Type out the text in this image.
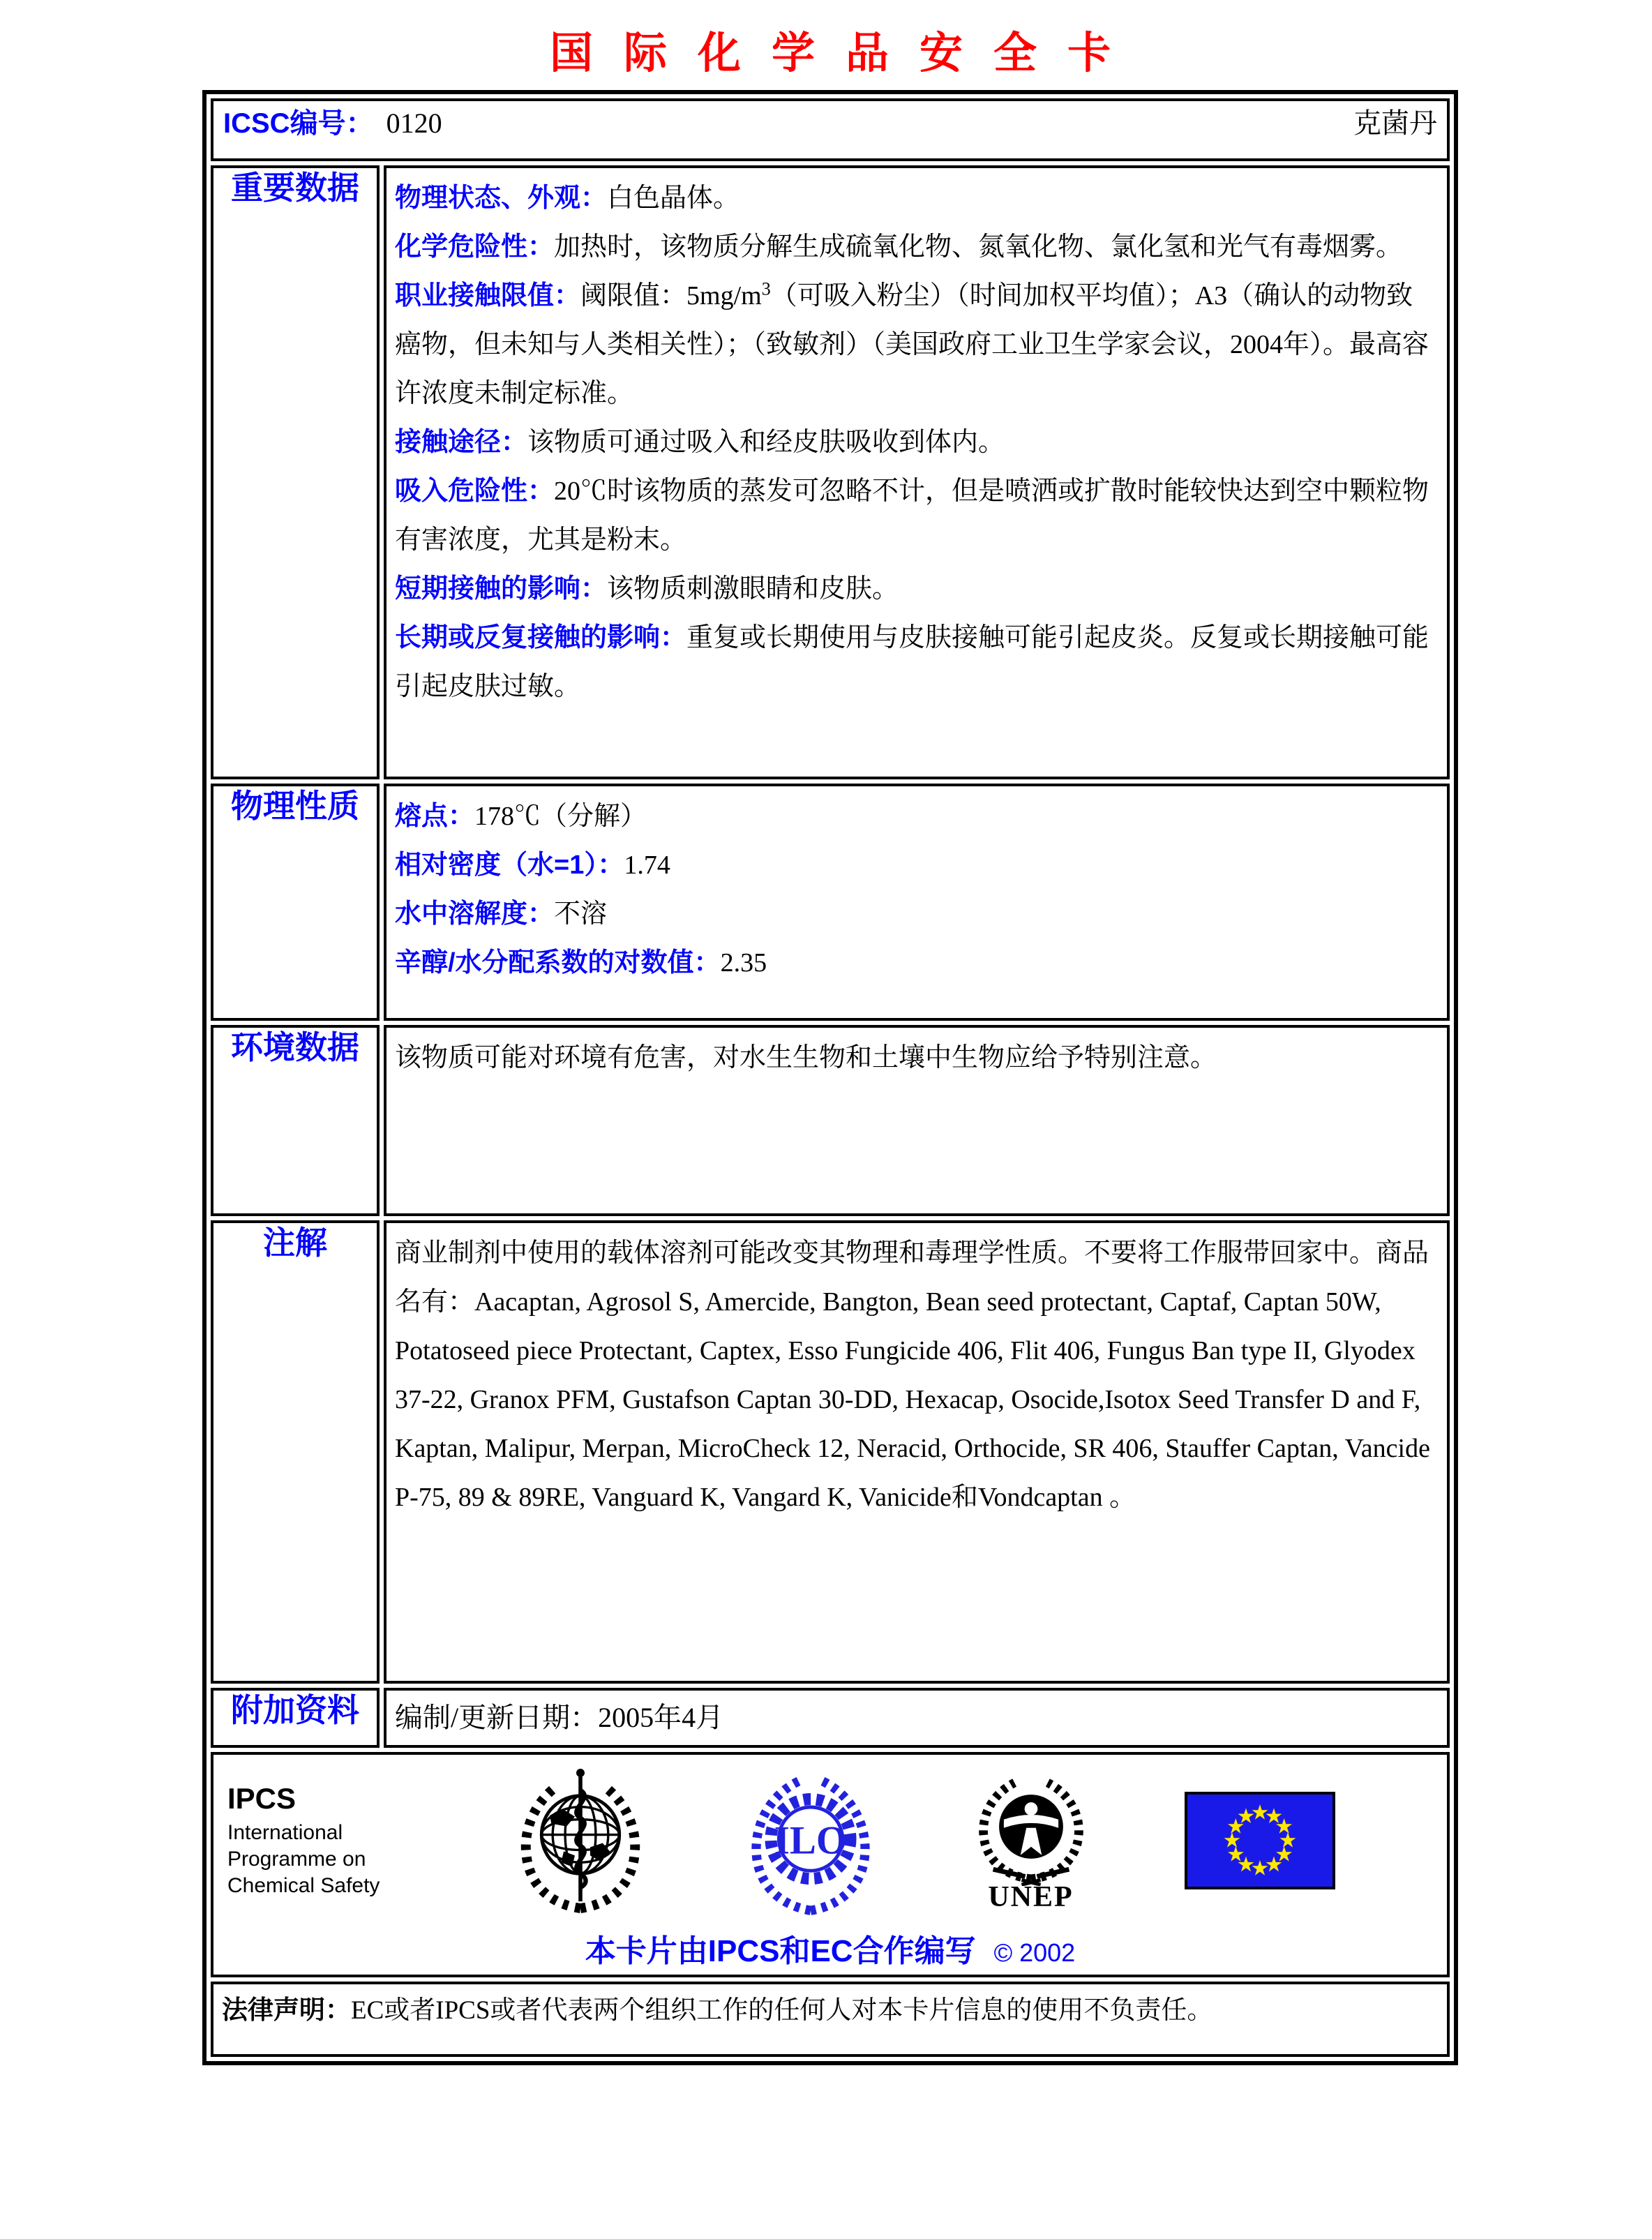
国际化学品安全卡
ICSC编号： 0120 克菌丹	

重要数据	物理状态、外观：白色晶体。
化学危险性：加热时，该物质分解生成硫氧化物、氮氧化物、氯化氢和光气有毒烟雾。
职业接触限值：阈限值：$5mg/m^3$（可吸入粉尘）（时间加权平均值）；A3（确认的动物致癌物，但未知与人类相关性）；（致敏剂）（美国政府工业卫生学家会议，2004年）。最高容许浓度未制定标准。
接触途径：该物质可通过吸入和经皮肤吸收到体内。
吸入危险性：20℃时该物质的蒸发可忽略不计，但是喷洒或扩散时能较快达到空中颗粒物有害浓度，尤其是粉末。
短期接触的影响：该物质刺激眼睛和皮肤。
长期或反复接触的影响：重复或长期使用与皮肤接触可能引起皮炎。反复或长期接触可能引起皮肤过敏。

物理性质	熔点：178℃（分解）
相对密度（水=1）：1.74
水中溶解度：不溶
辛醇/水分配系数的对数值：2.35

环境数据	该物质可能对环境有危害，对水生生物和土壤中生物应给予特别注意。
注解	商业制剂中使用的载体溶剂可能改变其物理和毒理学性质。不要将工作服带回家中。商品名有：Aacaptan, Agrosol S, Amercide, Bangton, Bean seed protectant, Captaf, Captan 50W, Potatoseed piece Protectant, Captex, Esso Fungicide 406, Flit 406, Fungus Ban type II, Glyodex 37-22, Granox PFM, Gustafson Captan 30-DD, Hexacap, Osocide,Isotox Seed Transfer D and F, Kaptan, Malipur, Merpan, MicroCheck 12, Neracid, Orthocide, SR 406, Stauffer Captan, Vancide P-75, 89 & 89RE, Vanguard K, Vangard K, Vanicide和Vondcaptan 。
附加资料	编制/更新日期：2005年4月

IPCS
International
Programme on
Chemical Safety
ILO
UNEP
本卡片由IPCS和EC合作编写 © 2002

法律声明：EC或者IPCS或者代表两个组织工作的任何人对本卡片信息的使用不负责任。	
